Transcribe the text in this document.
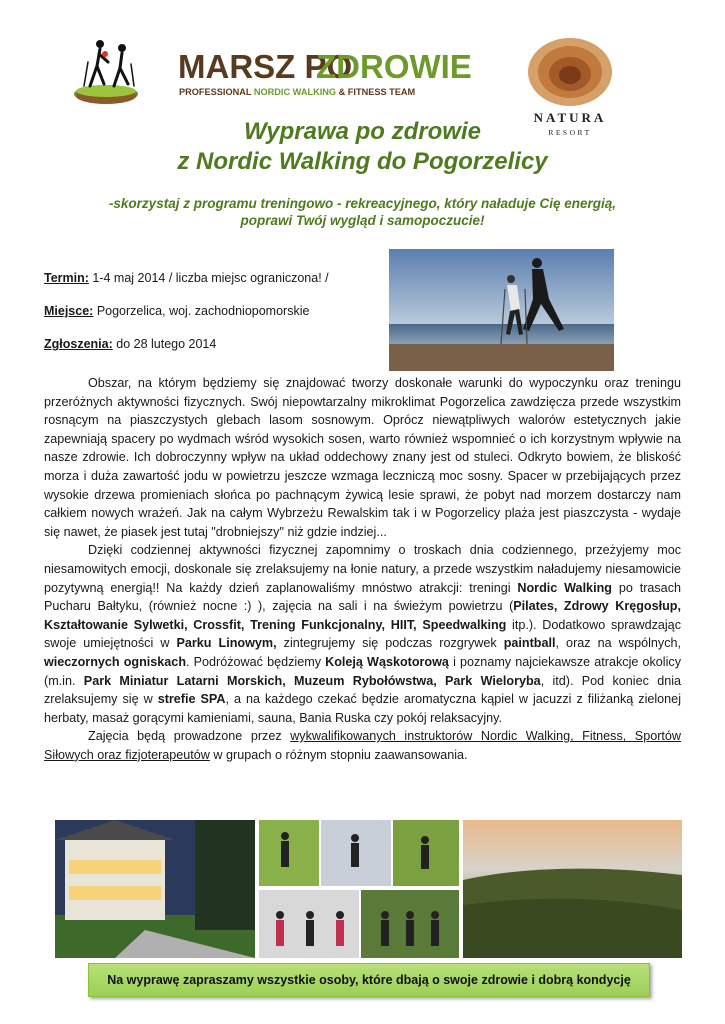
MARSZ PO
ZDROWIE
PROFESSIONAL NORDIC WALKING & FITNESS TEAM
NATURA
RESORT
Wyprawa po zdrowie
z Nordic Walking do Pogorzelicy
-skorzystaj z programu treningowo - rekreacyjnego, który naładuje Cię energią,
poprawi Twój wygląd i samopoczucie!
Termin: 1-4 maj 2014 / liczba miejsc ograniczona! /
Miejsce: Pogorzelica, woj. zachodniopomorskie
Zgłoszenia: do 28 lutego 2014

Obszar, na którym będziemy się znajdować tworzy doskonałe warunki do wypoczynku oraz treningu przeróżnych aktywności fizycznych. Swój niepowtarzalny mikroklimat Pogorzelica zawdzięcza przede wszystkim rosnącym na piaszczystych glebach lasom sosnowym. Oprócz niewątpliwych walorów estetycznych jakie zapewniają spacery po wydmach wśród wysokich sosen, warto również wspomnieć o ich korzystnym wpływie na nasze zdrowie. Ich dobroczynny wpływ na układ oddechowy znany jest od stuleci. Odkryto bowiem, że bliskość morza i duża zawartość jodu w powietrzu jeszcze wzmaga leczniczą moc sosny. Spacer w przebijających przez wysokie drzewa promieniach słońca po pachnącym żywicą lesie sprawi, że pobyt nad morzem dostarczy nam całkiem nowych wrażeń. Jak na całym Wybrzeżu Rewalskim tak i w Pogorzelicy plaża jest piaszczysta - wydaje się nawet, że piasek jest tutaj "drobniejszy" niż gdzie indziej...

Dzięki codziennej aktywności fizycznej zapomnimy o troskach dnia codziennego, przeżyjemy moc niesamowitych emocji, doskonale się zrelaksujemy na łonie natury, a przede wszystkim naładujemy niesamowicie pozytywną energią!! Na każdy dzień zaplanowaliśmy mnóstwo atrakcji: treningi Nordic Walking po trasach Pucharu Bałtyku, (również nocne :) ), zajęcia na sali i na świeżym powietrzu (Pilates, Zdrowy Kręgosłup, Kształtowanie Sylwetki, Crossfit, Trening Funkcjonalny, HIIT, Speedwalking itp.). Dodatkowo sprawdzając swoje umiejętności w Parku Linowym, zintegrujemy się podczas rozgrywek paintball, oraz na wspólnych, wieczornych ogniskach. Podróżować będziemy Koleją Wąskotorową i poznamy najciekawsze atrakcje okolicy (m.in. Park Miniatur Latarni Morskich, Muzeum Rybołówstwa, Park Wieloryba, itd). Pod koniec dnia zrelaksujemy się w strefie SPA, a na każdego czekać będzie aromatyczna kąpiel w jacuzzi z filiżanką zielonej herbaty, masaż gorącymi kamieniami, sauna, Bania Ruska czy pokój relaksacyjny.

Zajęcia będą prowadzone przez wykwalifikowanych instruktorów Nordic Walking, Fitness, Sportów Siłowych oraz fizjoterapeutów w grupach o różnym stopniu zaawansowania.

Na wyprawę zapraszamy wszystkie osoby, które dbają o swoje zdrowie i dobrą kondycję
